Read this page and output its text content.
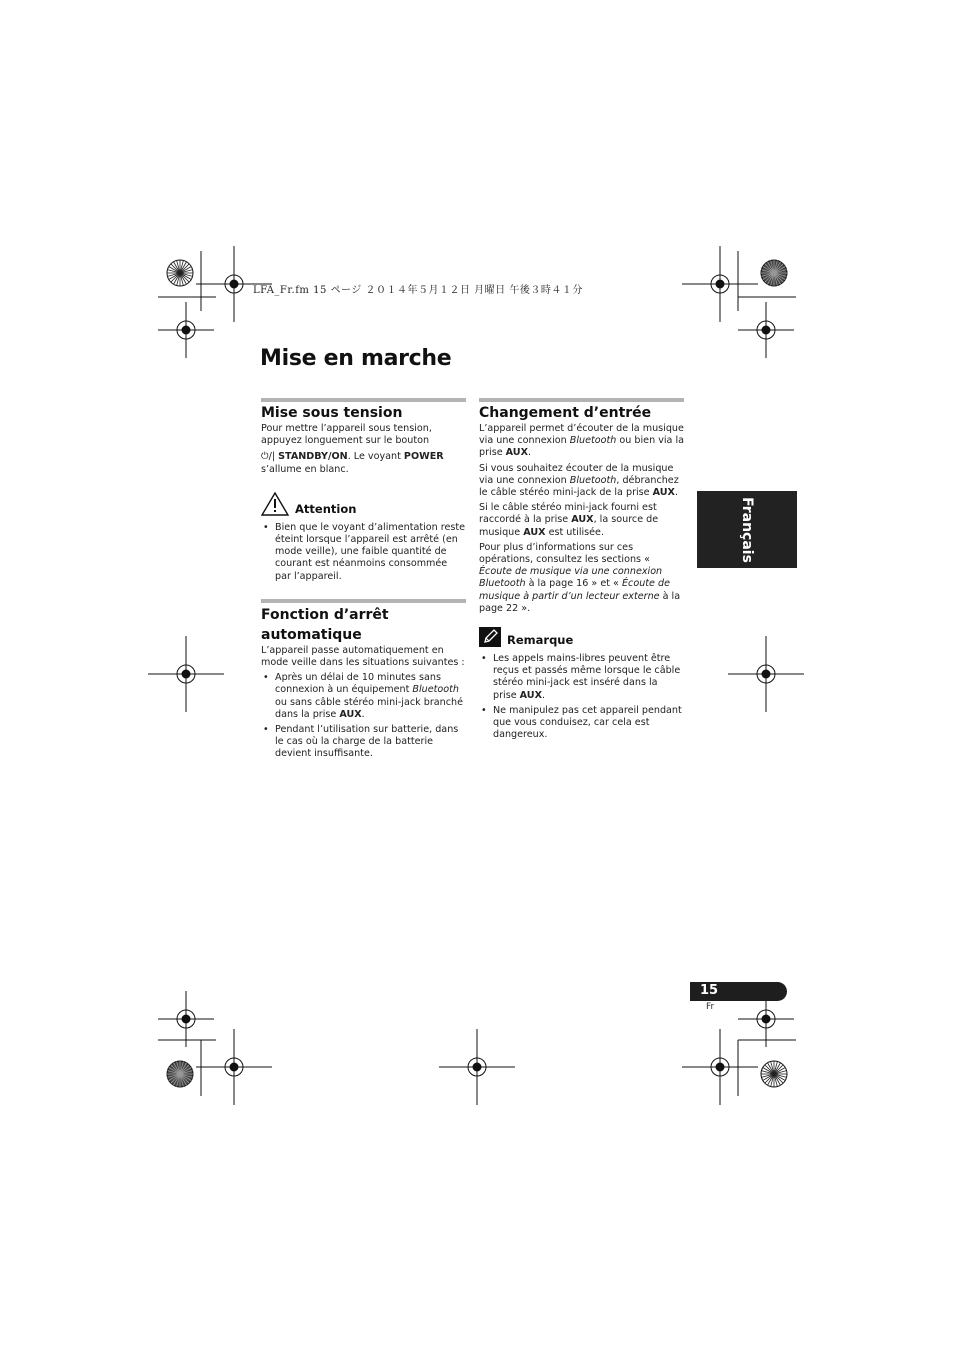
LFA_Fr.fm 15 ページ ２０１４年５月１２日 月曜日 午後３時４１分
Mise en marche
Mise sous tension

Pour mettre l’appareil sous tension, appuyez longuement sur le bouton

⏻/| STANDBY/ON. Le voyant POWER
s’allume en blanc.

Attention
• Bien que le voyant d’alimentation reste éteint lorsque l’appareil est arrêté (en mode veille), une faible quantité de courant est néanmoins consommée par l’appareil.
Fonction d’arrêt
automatique

L’appareil passe automatiquement en mode veille dans les situations suivantes :

• Après un délai de 10 minutes sans connexion à un équipement Bluetooth ou sans câble stéréo mini-jack branché dans la prise AUX.
• Pendant l’utilisation sur batterie, dans le cas où la charge de la batterie devient insuffisante.
Changement d’entrée

L’appareil permet d’écouter de la musique via une connexion Bluetooth ou bien via la prise AUX.

Si vous souhaitez écouter de la musique via une connexion Bluetooth, débranchez le câble stéréo mini-jack de la prise AUX.

Si le câble stéréo mini-jack fourni est raccordé à la prise AUX, la source de musique AUX est utilisée.

Pour plus d’informations sur ces opérations, consultez les sections « Écoute de musique via une connexion Bluetooth à la page 16 » et « Écoute de musique à partir d’un lecteur externe à la page 22 ».

Remarque
• Les appels mains-libres peuvent être reçus et passés même lorsque le câble stéréo mini-jack est inséré dans la prise AUX.
• Ne manipulez pas cet appareil pendant que vous conduisez, car cela est dangereux.
Français
15
Fr
